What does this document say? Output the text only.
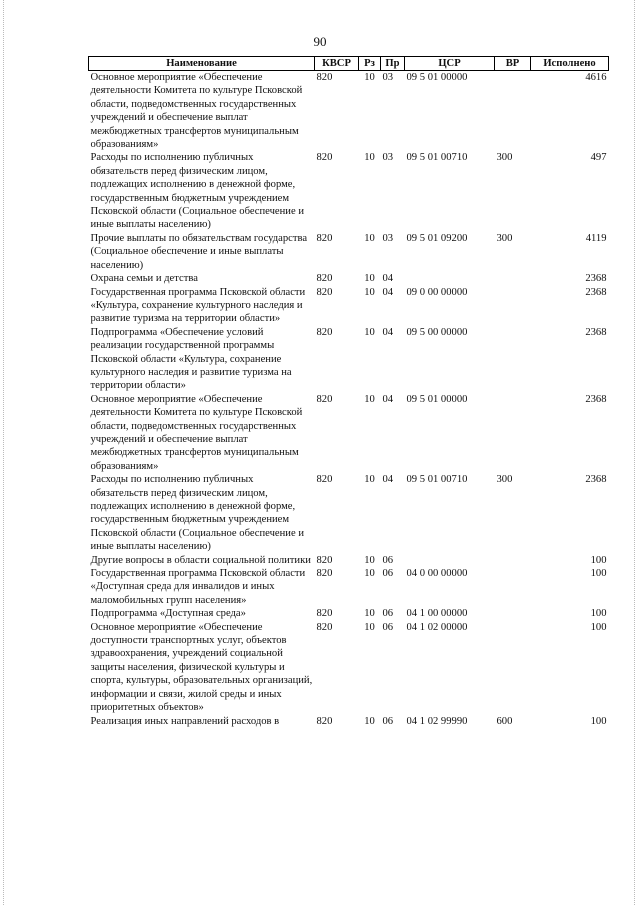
90
Наименование	КВСР	Рз	Пр	ЦСР	ВР	Исполнено
Основное мероприятие «Обеспечение деятельности Комитета по культуре Псковской области, подведомственных государственных учреждений и обеспечение выплат межбюджетных трансфертов муниципальным образованиям»	820	10	03	09 5 01 00000		4616
Расходы по исполнению публичных обязательств перед физическим лицом, подлежащих исполнению в денежной форме, государственным бюджетным учреждением Псковской области (Социальное обеспечение и иные выплаты населению)	820	10	03	09 5 01 00710	300	497
Прочие выплаты по обязательствам государства (Социальное обеспечение и иные выплаты населению)	820	10	03	09 5 01 09200	300	4119
Охрана семьи и детства	820	10	04			2368
Государственная программа Псковской области «Культура, сохранение культурного наследия и развитие туризма на территории области»	820	10	04	09 0 00 00000		2368
Подпрограмма «Обеспечение условий реализации государственной программы Псковской области «Культура, сохранение культурного наследия и развитие туризма на территории области»	820	10	04	09 5 00 00000		2368
Основное мероприятие «Обеспечение деятельности Комитета по культуре Псковской области, подведомственных государственных учреждений и обеспечение выплат межбюджетных трансфертов муниципальным образованиям»	820	10	04	09 5 01 00000		2368
Расходы по исполнению публичных обязательств перед физическим лицом, подлежащих исполнению в денежной форме, государственным бюджетным учреждением Псковской области (Социальное обеспечение и иные выплаты населению)	820	10	04	09 5 01 00710	300	2368
Другие вопросы в области социальной политики	820	10	06			100
Государственная программа Псковской области «Доступная среда для инвалидов и иных маломобильных групп населения»	820	10	06	04 0 00 00000		100
Подпрограмма «Доступная среда»	820	10	06	04 1 00 00000		100
Основное мероприятие «Обеспечение доступности транспортных услуг, объектов здравоохранения, учреждений социальной защиты населения, физической культуры и спорта, культуры, образовательных организаций, информации и связи, жилой среды и иных приоритетных объектов»	820	10	06	04 1 02 00000		100
Реализация иных направлений расходов в	820	10	06	04 1 02 99990	600	100
